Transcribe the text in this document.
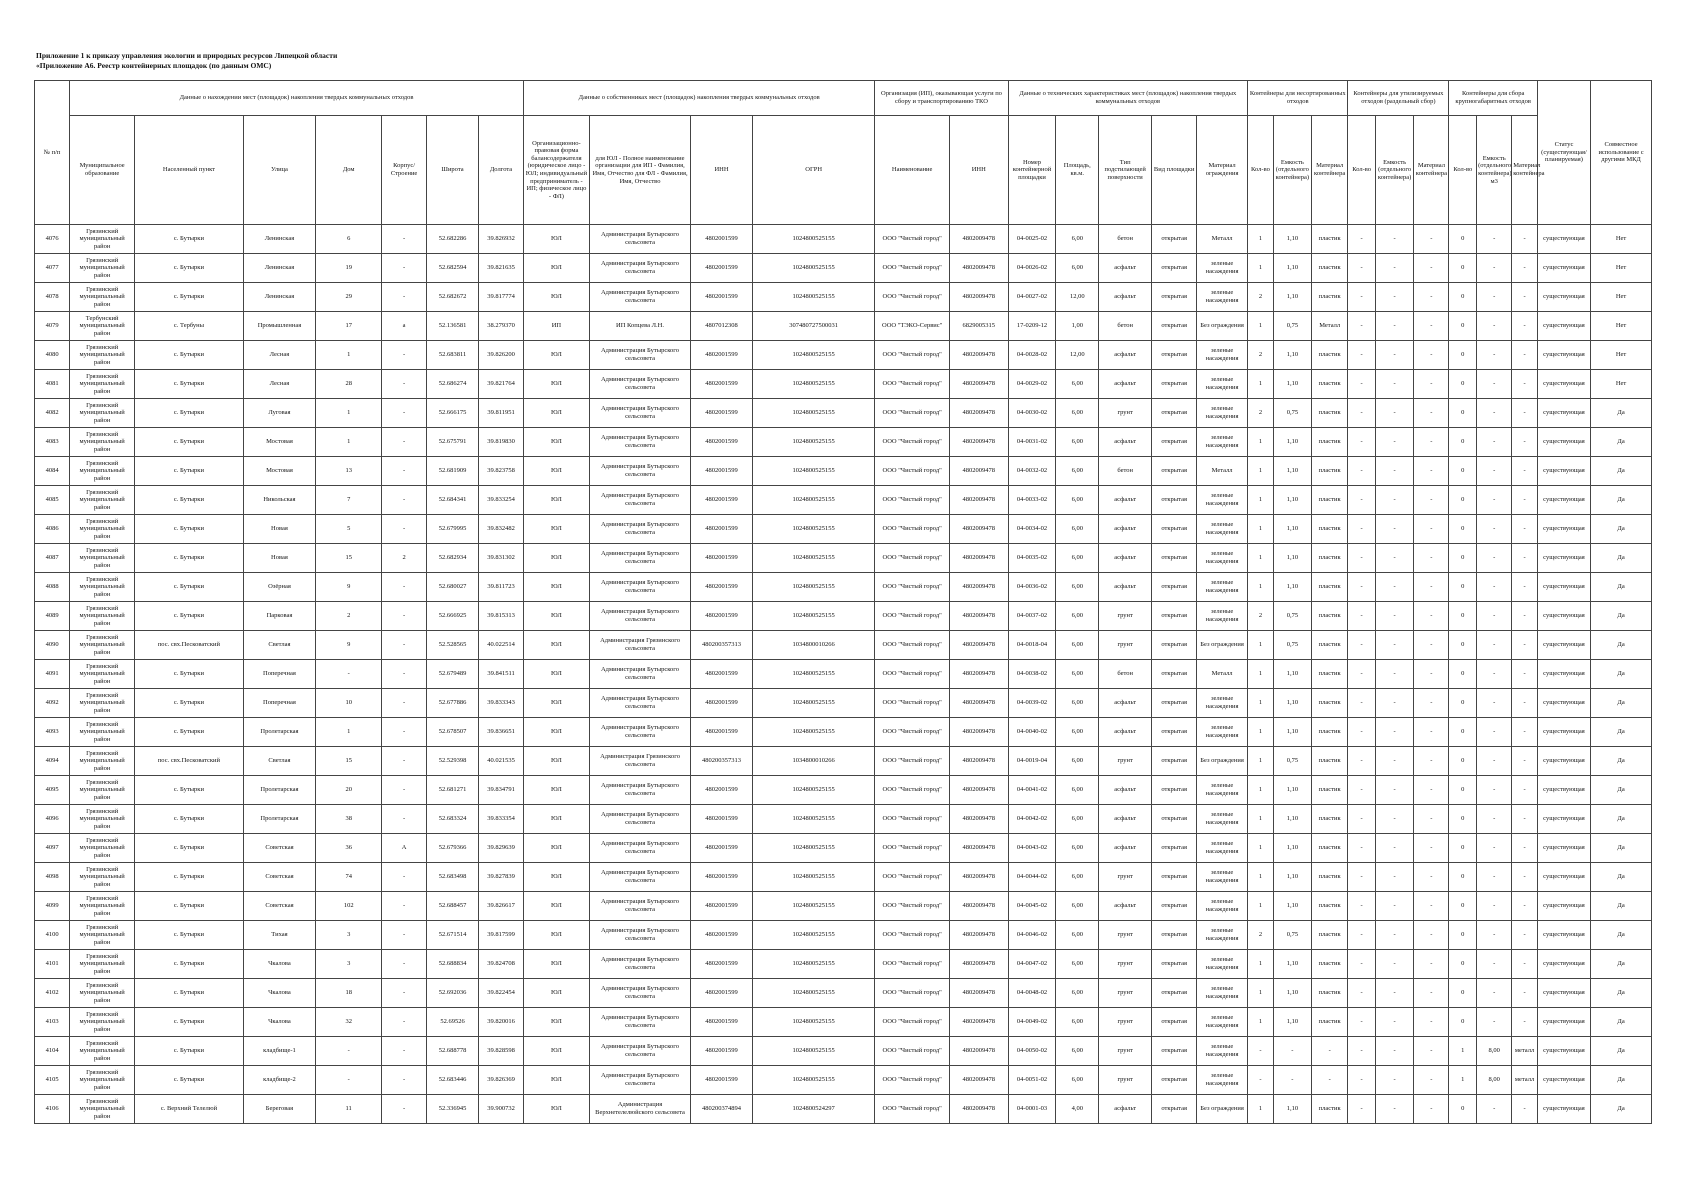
Приложение 1 к приказу управления экологии и природных ресурсов Липецкой области
«Приложение А6. Реестр контейнерных площадок (по данным ОМС)
№ п/п	Данные о нахождении мест (площадок) накопления твердых коммунальных отходов							Данные о собственниках мест (площадок) накопления твердых коммунальных отходов				Организация (ИП), оказывающая услуги по сбору и транспортированию ТКО		Данные о технических характеристиках мест (площадок) накопления твердых коммунальных отходов					Контейнеры для несортированных отходов			Контейнеры для утилизируемых отходов (раздельный сбор)			Контейнеры для сбора крупногабаритных отходов			Статус (существующая/ планируемая)	Совместное использование с другими МКД
	Муниципальное образование	Населенный пункт	Улица	Дом	Корпус/Строение	Широта	Долгота	Организационно-правовая форма балансодержателя (юридическое лицо - ЮЛ; индивидуальный предприниматель - ИП; физическое лицо - ФЛ)	для ЮЛ - Полное наименование организации для ИП - Фамилия, Имя, Отчество для ФЛ - Фамилия, Имя, Отчество	ИНН	ОГРН	Наименование	ИНН	Номер контейнерной площадки	Площадь, кв.м.	Тип подстилающей поверхности	Вид площадки	Материал ограждения	Кол-во	Емкость (отдельного контейнера)	Материал контейнера	Кол-во	Емкость (отдельного контейнера)	Материал контейнера	Кол-во	Емкость (отдельного контейнера) м3	Материал контейнера		
4076	Грязинский муниципальный район	с. Бутырки	Ленинская	6	-	52.682286	39.826932	ЮЛ	Администрация Бутырского сельсовета	4802001599	1024800525155	ООО "Чистый город"	4802009478	04-0025-02	6,00	бетон	открытая	Металл	1	1,10	пластик	-	-	-	0	-	-	существующая	Нет
4077	Грязинский муниципальный район	с. Бутырки	Ленинская	19	-	52.682594	39.821635	ЮЛ	Администрация Бутырского сельсовета	4802001599	1024800525155	ООО "Чистый город"	4802009478	04-0026-02	6,00	асфальт	открытая	зеленые насаждения	1	1,10	пластик	-	-	-	0	-	-	существующая	Нет
4078	Грязинский муниципальный район	с. Бутырки	Ленинская	29	-	52.682672	39.817774	ЮЛ	Администрация Бутырского сельсовета	4802001599	1024800525155	ООО "Чистый город"	4802009478	04-0027-02	12,00	асфальт	открытая	зеленые насаждения	2	1,10	пластик	-	-	-	0	-	-	существующая	Нет
4079	Тербунский муниципальный район	с. Тербуны	Промышленная	17	а	52.136581	38.279370	ИП	ИП Копцева Л.Н.	4807012308	307480727500031	ООО "ТЭКО-Сервис"	6829005315	17-0209-12	1,00	бетон	открытая	Без ограждения	1	0,75	Металл	-	-	-	0	-	-	существующая	Нет
4080	Грязинский муниципальный район	с. Бутырки	Лесная	1	-	52.683811	39.826200	ЮЛ	Администрация Бутырского сельсовета	4802001599	1024800525155	ООО "Чистый город"	4802009478	04-0028-02	12,00	асфальт	открытая	зеленые насаждения	2	1,10	пластик	-	-	-	0	-	-	существующая	Нет
4081	Грязинский муниципальный район	с. Бутырки	Лесная	28	-	52.686274	39.821764	ЮЛ	Администрация Бутырского сельсовета	4802001599	1024800525155	ООО "Чистый город"	4802009478	04-0029-02	6,00	асфальт	открытая	зеленые насаждения	1	1,10	пластик	-	-	-	0	-	-	существующая	Нет
4082	Грязинский муниципальный район	с. Бутырки	Луговая	1	-	52.666175	39.811951	ЮЛ	Администрация Бутырского сельсовета	4802001599	1024800525155	ООО "Чистый город"	4802009478	04-0030-02	6,00	грунт	открытая	зеленые насаждения	2	0,75	пластик	-	-	-	0	-	-	существующая	Да
4083	Грязинский муниципальный район	с. Бутырки	Мостовая	1	-	52.675791	39.819830	ЮЛ	Администрация Бутырского сельсовета	4802001599	1024800525155	ООО "Чистый город"	4802009478	04-0031-02	6,00	асфальт	открытая	зеленые насаждения	1	1,10	пластик	-	-	-	0	-	-	существующая	Да
4084	Грязинский муниципальный район	с. Бутырки	Мостовая	13	-	52.681909	39.823758	ЮЛ	Администрация Бутырского сельсовета	4802001599	1024800525155	ООО "Чистый город"	4802009478	04-0032-02	6,00	бетон	открытая	Металл	1	1,10	пластик	-	-	-	0	-	-	существующая	Да
4085	Грязинский муниципальный район	с. Бутырки	Никольская	7	-	52.684341	39.833254	ЮЛ	Администрация Бутырского сельсовета	4802001599	1024800525155	ООО "Чистый город"	4802009478	04-0033-02	6,00	асфальт	открытая	зеленые насаждения	1	1,10	пластик	-	-	-	0	-	-	существующая	Да
4086	Грязинский муниципальный район	с. Бутырки	Новая	5	-	52.679995	39.832482	ЮЛ	Администрация Бутырского сельсовета	4802001599	1024800525155	ООО "Чистый город"	4802009478	04-0034-02	6,00	асфальт	открытая	зеленые насаждения	1	1,10	пластик	-	-	-	0	-	-	существующая	Да
4087	Грязинский муниципальный район	с. Бутырки	Новая	15	2	52.682934	39.831302	ЮЛ	Администрация Бутырского сельсовета	4802001599	1024800525155	ООО "Чистый город"	4802009478	04-0035-02	6,00	асфальт	открытая	зеленые насаждения	1	1,10	пластик	-	-	-	0	-	-	существующая	Да
4088	Грязинский муниципальный район	с. Бутырки	Озёрная	9	-	52.680027	39.811723	ЮЛ	Администрация Бутырского сельсовета	4802001599	1024800525155	ООО "Чистый город"	4802009478	04-0036-02	6,00	асфальт	открытая	зеленые насаждения	1	1,10	пластик	-	-	-	0	-	-	существующая	Да
4089	Грязинский муниципальный район	с. Бутырки	Парковая	2	-	52.666925	39.815313	ЮЛ	Администрация Бутырского сельсовета	4802001599	1024800525155	ООО "Чистый город"	4802009478	04-0037-02	6,00	грунт	открытая	зеленые насаждения	2	0,75	пластик	-	-	-	0	-	-	существующая	Да
4090	Грязинский муниципальный район	пос. свх.Песковатский	Светлая	9	-	52.528565	40.022514	ЮЛ	Администрация Грязинского сельсовета	480200357313	1034800010266	ООО "Чистый город"	4802009478	04-0018-04	6,00	грунт	открытая	Без ограждения	1	0,75	пластик	-	-	-	0	-	-	существующая	Да
4091	Грязинский муниципальный район	с. Бутырки	Поперечная	-	-	52.679489	39.841511	ЮЛ	Администрация Бутырского сельсовета	4802001599	1024800525155	ООО "Чистый город"	4802009478	04-0038-02	6,00	бетон	открытая	Металл	1	1,10	пластик	-	-	-	0	-	-	существующая	Да
4092	Грязинский муниципальный район	с. Бутырки	Поперечная	10	-	52.677886	39.833343	ЮЛ	Администрация Бутырского сельсовета	4802001599	1024800525155	ООО "Чистый город"	4802009478	04-0039-02	6,00	асфальт	открытая	зеленые насаждения	1	1,10	пластик	-	-	-	0	-	-	существующая	Да
4093	Грязинский муниципальный район	с. Бутырки	Пролетарская	1	-	52.678507	39.836651	ЮЛ	Администрация Бутырского сельсовета	4802001599	1024800525155	ООО "Чистый город"	4802009478	04-0040-02	6,00	асфальт	открытая	зеленые насаждения	1	1,10	пластик	-	-	-	0	-	-	существующая	Да
4094	Грязинский муниципальный район	пос. свх.Песковатский	Светлая	15	-	52.529398	40.021535	ЮЛ	Администрация Грязинского сельсовета	480200357313	1034800010266	ООО "Чистый город"	4802009478	04-0019-04	6,00	грунт	открытая	Без ограждения	1	0,75	пластик	-	-	-	0	-	-	существующая	Да
4095	Грязинский муниципальный район	с. Бутырки	Пролетарская	20	-	52.681271	39.834791	ЮЛ	Администрация Бутырского сельсовета	4802001599	1024800525155	ООО "Чистый город"	4802009478	04-0041-02	6,00	асфальт	открытая	зеленые насаждения	1	1,10	пластик	-	-	-	0	-	-	существующая	Да
4096	Грязинский муниципальный район	с. Бутырки	Пролетарская	38	-	52.683324	39.833354	ЮЛ	Администрация Бутырского сельсовета	4802001599	1024800525155	ООО "Чистый город"	4802009478	04-0042-02	6,00	асфальт	открытая	зеленые насаждения	1	1,10	пластик	-	-	-	0	-	-	существующая	Да
4097	Грязинский муниципальный район	с. Бутырки	Советская	36	А	52.679366	39.829639	ЮЛ	Администрация Бутырского сельсовета	4802001599	1024800525155	ООО "Чистый город"	4802009478	04-0043-02	6,00	асфальт	открытая	зеленые насаждения	1	1,10	пластик	-	-	-	0	-	-	существующая	Да
4098	Грязинский муниципальный район	с. Бутырки	Советская	74	-	52.683498	39.827839	ЮЛ	Администрация Бутырского сельсовета	4802001599	1024800525155	ООО "Чистый город"	4802009478	04-0044-02	6,00	грунт	открытая	зеленые насаждения	1	1,10	пластик	-	-	-	0	-	-	существующая	Да
4099	Грязинский муниципальный район	с. Бутырки	Советская	102	-	52.688457	39.826617	ЮЛ	Администрация Бутырского сельсовета	4802001599	1024800525155	ООО "Чистый город"	4802009478	04-0045-02	6,00	асфальт	открытая	зеленые насаждения	1	1,10	пластик	-	-	-	0	-	-	существующая	Да
4100	Грязинский муниципальный район	с. Бутырки	Тихая	3	-	52.671514	39.817599	ЮЛ	Администрация Бутырского сельсовета	4802001599	1024800525155	ООО "Чистый город"	4802009478	04-0046-02	6,00	грунт	открытая	зеленые насаждения	2	0,75	пластик	-	-	-	0	-	-	существующая	Да
4101	Грязинский муниципальный район	с. Бутырки	Чкалова	3	-	52.688834	39.824708	ЮЛ	Администрация Бутырского сельсовета	4802001599	1024800525155	ООО "Чистый город"	4802009478	04-0047-02	6,00	грунт	открытая	зеленые насаждения	1	1,10	пластик	-	-	-	0	-	-	существующая	Да
4102	Грязинский муниципальный район	с. Бутырки	Чкалова	18	-	52.692036	39.822454	ЮЛ	Администрация Бутырского сельсовета	4802001599	1024800525155	ООО "Чистый город"	4802009478	04-0048-02	6,00	грунт	открытая	зеленые насаждения	1	1,10	пластик	-	-	-	0	-	-	существующая	Да
4103	Грязинский муниципальный район	с. Бутырки	Чкалова	32	-	52.69526	39.820016	ЮЛ	Администрация Бутырского сельсовета	4802001599	1024800525155	ООО "Чистый город"	4802009478	04-0049-02	6,00	грунт	открытая	зеленые насаждения	1	1,10	пластик	-	-	-	0	-	-	существующая	Да
4104	Грязинский муниципальный район	с. Бутырки	кладбище-1	-	-	52.688778	39.828598	ЮЛ	Администрация Бутырского сельсовета	4802001599	1024800525155	ООО "Чистый город"	4802009478	04-0050-02	6,00	грунт	открытая	зеленые насаждения	-	-	-	-	-	-	1	8,00	металл	существующая	Да
4105	Грязинский муниципальный район	с. Бутырки	кладбище-2	-	-	52.683446	39.826369	ЮЛ	Администрация Бутырского сельсовета	4802001599	1024800525155	ООО "Чистый город"	4802009478	04-0051-02	6,00	грунт	открытая	зеленые насаждения	-	-	-	-	-	-	1	8,00	металл	существующая	Да
4106	Грязинский муниципальный район	с. Верхний Телелюй	Береговая	11	-	52.336945	39.900732	ЮЛ	Администрация Верхнетелелюйского сельсовета	480200374894	1024800524297	ООО "Чистый город"	4802009478	04-0001-03	4,00	асфальт	открытая	Без ограждения	1	1,10	пластик	-	-	-	0	-	-	существующая	Да
